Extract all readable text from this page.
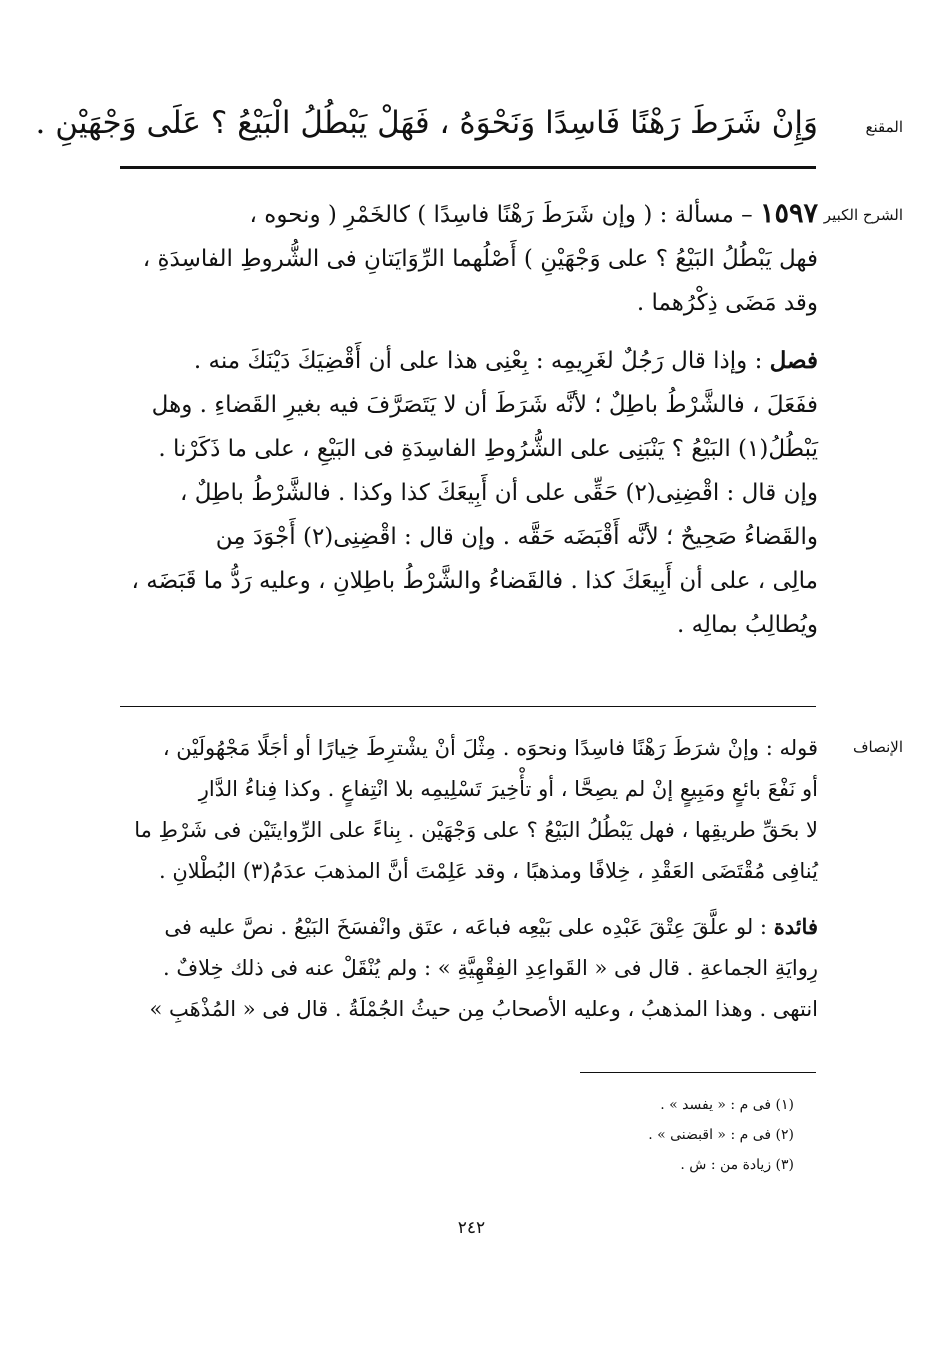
المقنع
وَإِنْ شَرَطَ رَهْنًا فَاسِدًا وَنَحْوَهُ ، فَهَلْ يَبْطُلُ الْبَيْعُ ؟ عَلَى وَجْهَيْنِ .
الشرح الكبير
١٥٩٧ – مسألة : ( وإن شَرَطَ رَهْنًا فاسِدًا ) كالخَمْرِ ( ونحوه ،
فهل يَبْطُلُ البَيْعُ ؟ على وَجْهَيْنِ ) أَصْلُهما الرِّوَايَتانِ فى الشُّروطِ الفاسِدَةِ ،
وقد مَضَى ذِكْرُهما .
فصل : وإذا قال رَجُلٌ لغَرِيمِه : بِعْنِى هذا على أن أَقْضِيَكَ دَيْنَكَ منه .
ففَعَلَ ، فالشَّرْطُ باطِلٌ ؛ لأنَّه شَرَطَ أن لا يَتَصَرَّفَ فيه بغيرِ القَضاءِ . وهل
يَبْطُلُ(١) البَيْعُ ؟ يَنْبَنِى على الشُّرُوطِ الفاسِدَةِ فى البَيْعِ ، على ما ذَكَرْنا .
وإن قال : اقْضِنِى(٢) حَقِّى على أن أَبِيعَكَ كذا وكذا . فالشَّرْطُ باطِلٌ ،
والقَضاءُ صَحِيحٌ ؛ لأنَّه أَقْبَضَه حَقَّه . وإن قال : اقْضِنِى(٢) أَجْوَدَ مِن
مالِى ، على أن أَبِيعَكَ كذا . فالقَضاءُ والشَّرْطُ باطِلانِ ، وعليه رَدُّ ما قَبَضَه ،
ويُطالِبُ بمالِه .
الإنصاف
قوله : وإنْ شرَطَ رَهْنًا فاسِدًا ونحوَه . مِثْلَ أنْ يشْترِطَ خِيارًا أو أجَلًا مَجْهُولَيْن ،
أو نَفْعَ بائعٍ ومَبِيعٍ إنْ لم يصِحَّا ، أو تأْخِيرَ تَسْلِيمِه بلا انْتِفاعٍ . وكذا فِناءُ الدَّارِ
لا بحَقِّ طريقِها ، فهل يَبْطُلُ البَيْعُ ؟ على وَجْهَيْن . بِناءً على الرِّوايتَيْن فى شَرْطِ ما
يُنافِى مُقْتَضَى العَقْدِ ، خِلافًا ومذهبًا ، وقد عَلِمْتَ أنَّ المذهبَ عدَمُ(٣) البُطْلانِ .
فائدة : لو علَّقَ عِتْقَ عَبْدِه على بَيْعِه فباعَه ، عتَق وانْفسَخَ البَيْعُ . نصَّ عليه فى
رِوايَةِ الجماعةِ . قال فى « القَواعِدِ الفِقْهِيَّةِ » : ولم يُنْقَلْ عنه فى ذلك خِلافٌ .
انتهى . وهذا المذهبُ ، وعليه الأصحابُ مِن حيثُ الجُمْلَةُ . قال فى « المُذْهَبِ »
(١) فى م : « يفسد » .
(٢) فى م : « اقبضنى » .
(٣) زيادة من : ش .
٢٤٢
